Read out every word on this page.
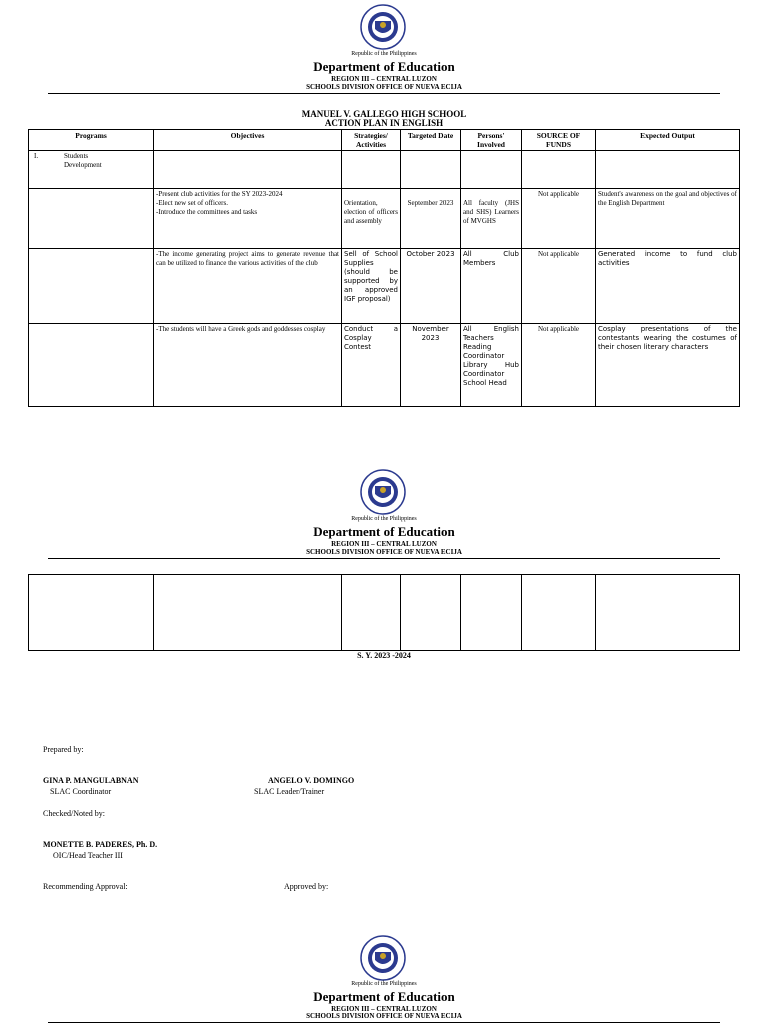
Republic of the Philippines
Department of Education
REGION III – CENTRAL LUZON
SCHOOLS DIVISION OFFICE OF NUEVA ECIJA
MANUEL V. GALLEGO HIGH SCHOOL
ACTION PLAN IN ENGLISH
Programs	Objectives	Strategies/ Activities	Targeted Date	Persons' Involved	SOURCE OF FUNDS	Expected Output

I. Students Development						

	-Present club activities for the SY 2023-2024
-Elect new set of officers.
-Introduce the committees and tasks	Orientation, election of officers and assembly	September 2023	All faculty (JHS and SHS) Learners of MVGHS	Not applicable	Student's awareness on the goal and objectives of the English Department

	-The income generating project aims to generate revenue that can be utilized to finance the various activities of the club	Sell of School Supplies (should be supported by an approved IGF proposal)	October 2023	All Club Members	Not applicable	Generated income to fund club activities

	-The students will have a Greek gods and goddesses cosplay	Conduct a Cosplay Contest	November 2023	All English Teachers Reading Coordinator Library Hub Coordinator School Head	Not applicable	Cosplay presentations of the contestants wearing the costumes of their chosen literary characters
Republic of the Philippines
Department of Education
REGION III – CENTRAL LUZON
SCHOOLS DIVISION OFFICE OF NUEVA ECIJA

S. Y. 2023 -2024
Prepared by:
GINA P. MANGULABNAN
SLAC Coordinator
ANGELO V. DOMINGO
SLAC Leader/Trainer
Checked/Noted by:
MONETTE B. PADERES, Ph. D.
OIC/Head Teacher III
Recommending Approval:	Approved by:
Republic of the Philippines
Department of Education
REGION III – CENTRAL LUZON
SCHOOLS DIVISION OFFICE OF NUEVA ECIJA
